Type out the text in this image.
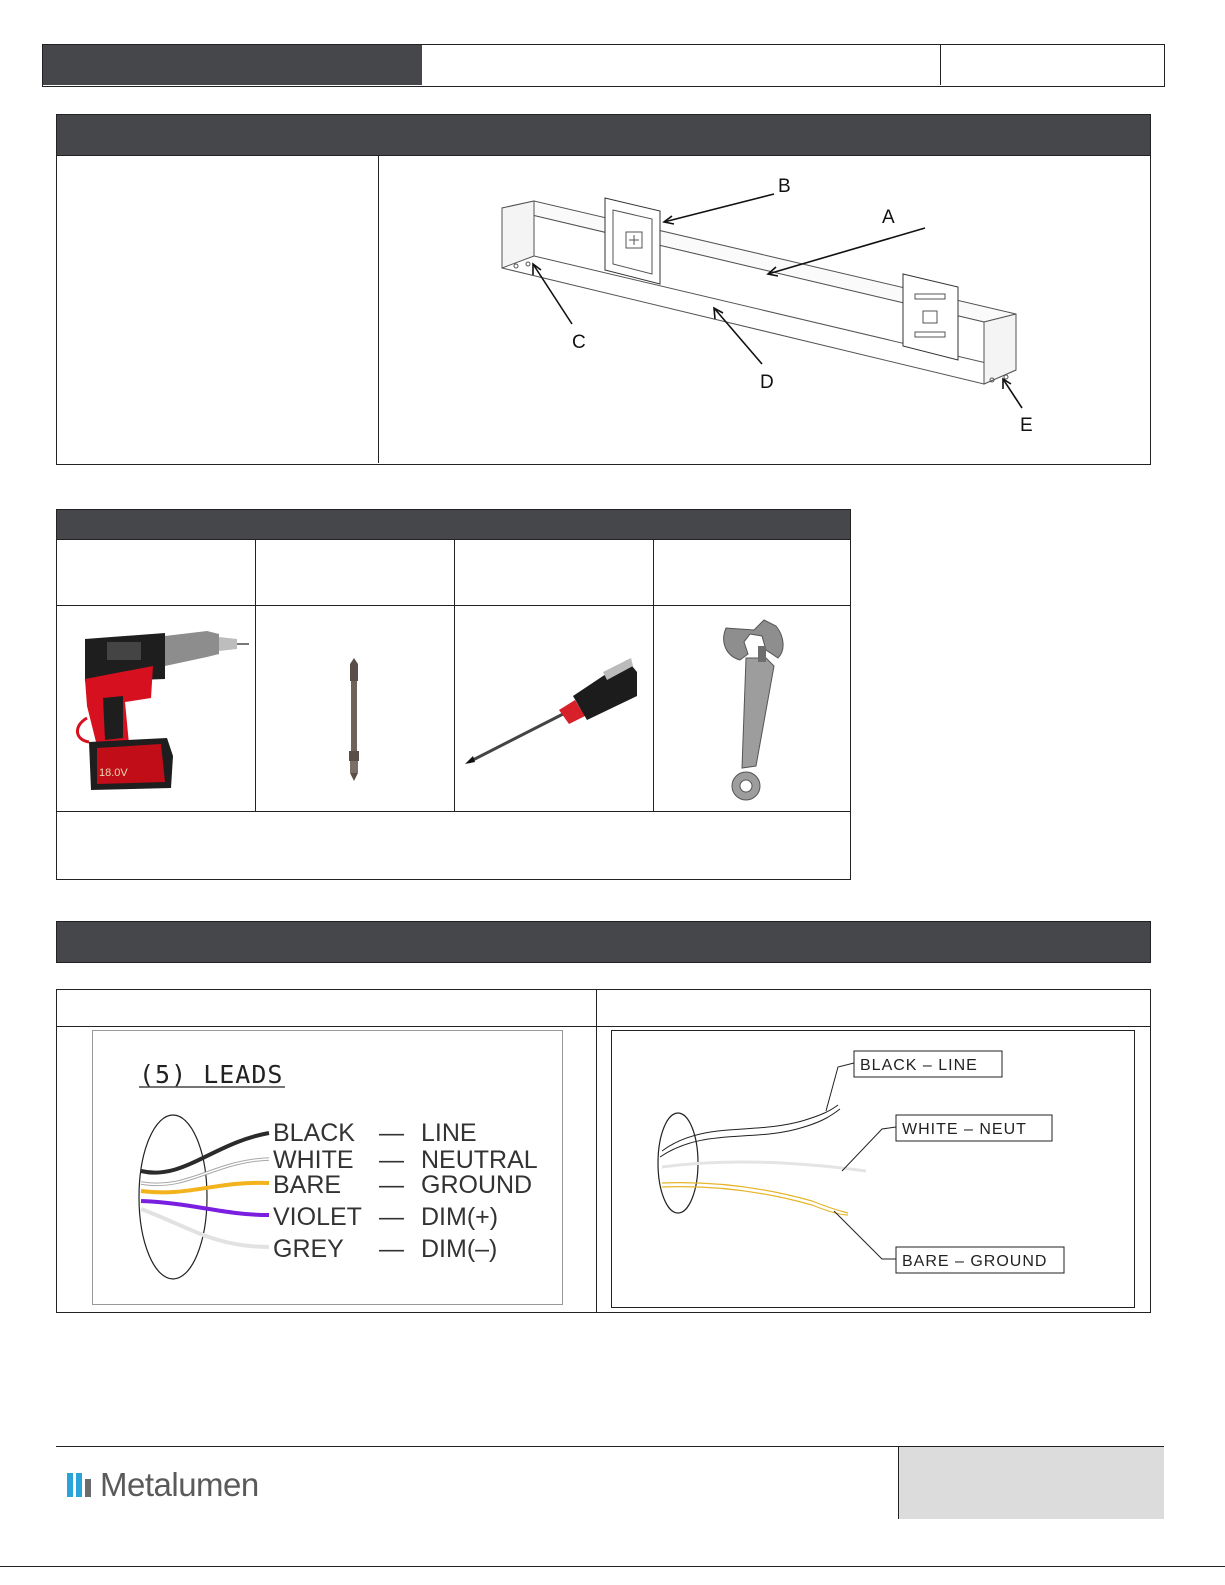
A
B
C
D
E
18.0V
(5) LEADS
BLACK — LINE
WHITE — NEUTRAL
BARE — GROUND
VIOLET — DIM(+)
GREY — DIM(–)
BLACK – LINE
WHITE – NEUT
BARE – GROUND
Metalumen
